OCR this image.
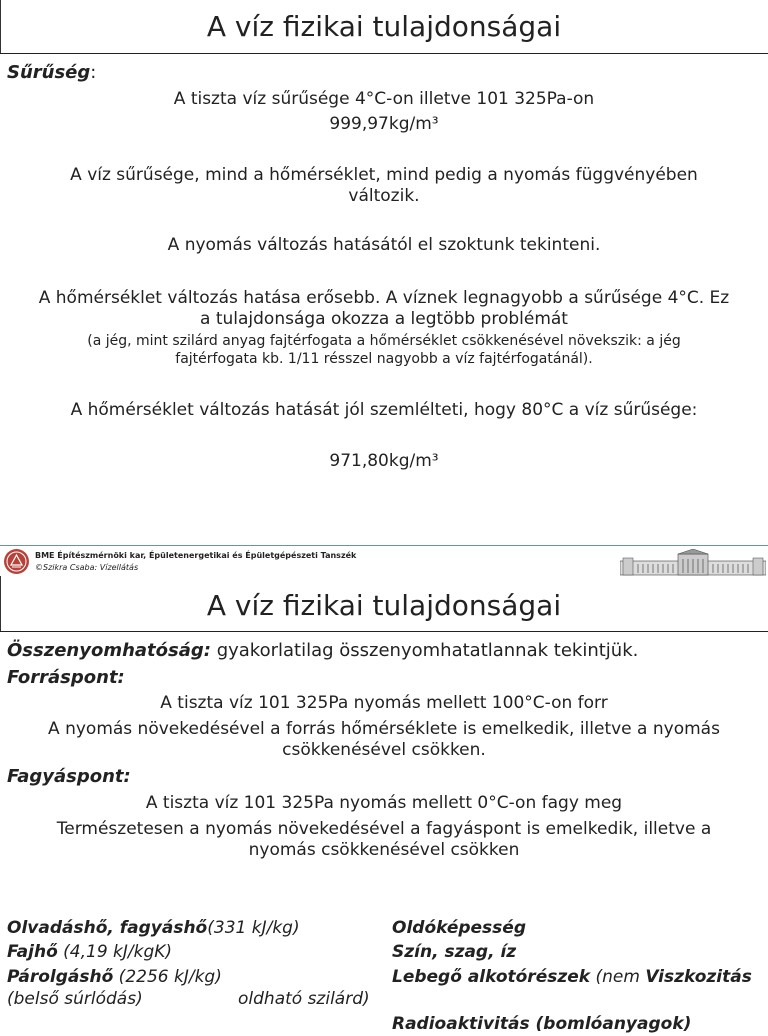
A víz fizikai tulajdonságai

Sűrűség:

A tiszta víz sűrűsége 4°C-on illetve 101 325Pa-on

999,97kg/m³

A víz sűrűsége, mind a hőmérséklet, mind pedig a nyomás függvényében

változik.

A nyomás változás hatásától el szoktunk tekinteni.

A hőmérséklet változás hatása erősebb. A víznek legnagyobb a sűrűsége 4°C. Ez

a tulajdonsága okozza a legtöbb problémát

(a jég, mint szilárd anyag fajtérfogata a hőmérséklet csökkenésével növekszik: a jég

fajtérfogata kb. 1/11 résszel nagyobb a víz fajtérfogatánál).

A hőmérséklet változás hatását jól szemlélteti, hogy 80°C a víz sűrűsége:

971,80kg/m³

BME Építészmérnöki kar, Épületenergetikai és Épületgépészeti Tanszék
©Szikra Csaba: Vízellátás
A víz fizikai tulajdonságai

Összenyomhatóság: gyakorlatilag összenyomhatatlannak tekintjük.

Forráspont:

A tiszta víz 101 325Pa nyomás mellett 100°C-on forr

A nyomás növekedésével a forrás hőmérséklete is emelkedik, illetve a nyomás

csökkenésével csökken.

Fagyáspont:

A tiszta víz 101 325Pa nyomás mellett 0°C-on fagy meg

Természetesen a nyomás növekedésével a fagyáspont is emelkedik, illetve a

nyomás csökkenésével csökken

Olvadáshő, fagyáshő(331 kJ/kg)

Fajhő (4,19 kJ/kgK)

Párolgáshő (2256 kJ/kg)

(belső súrlódás)	oldható szilárd)

Oldóképesség

Szín, szag, íz

Lebegő alkotórészek (nem Viszkozitás

Radioaktivitás (bomlóanyagok)
